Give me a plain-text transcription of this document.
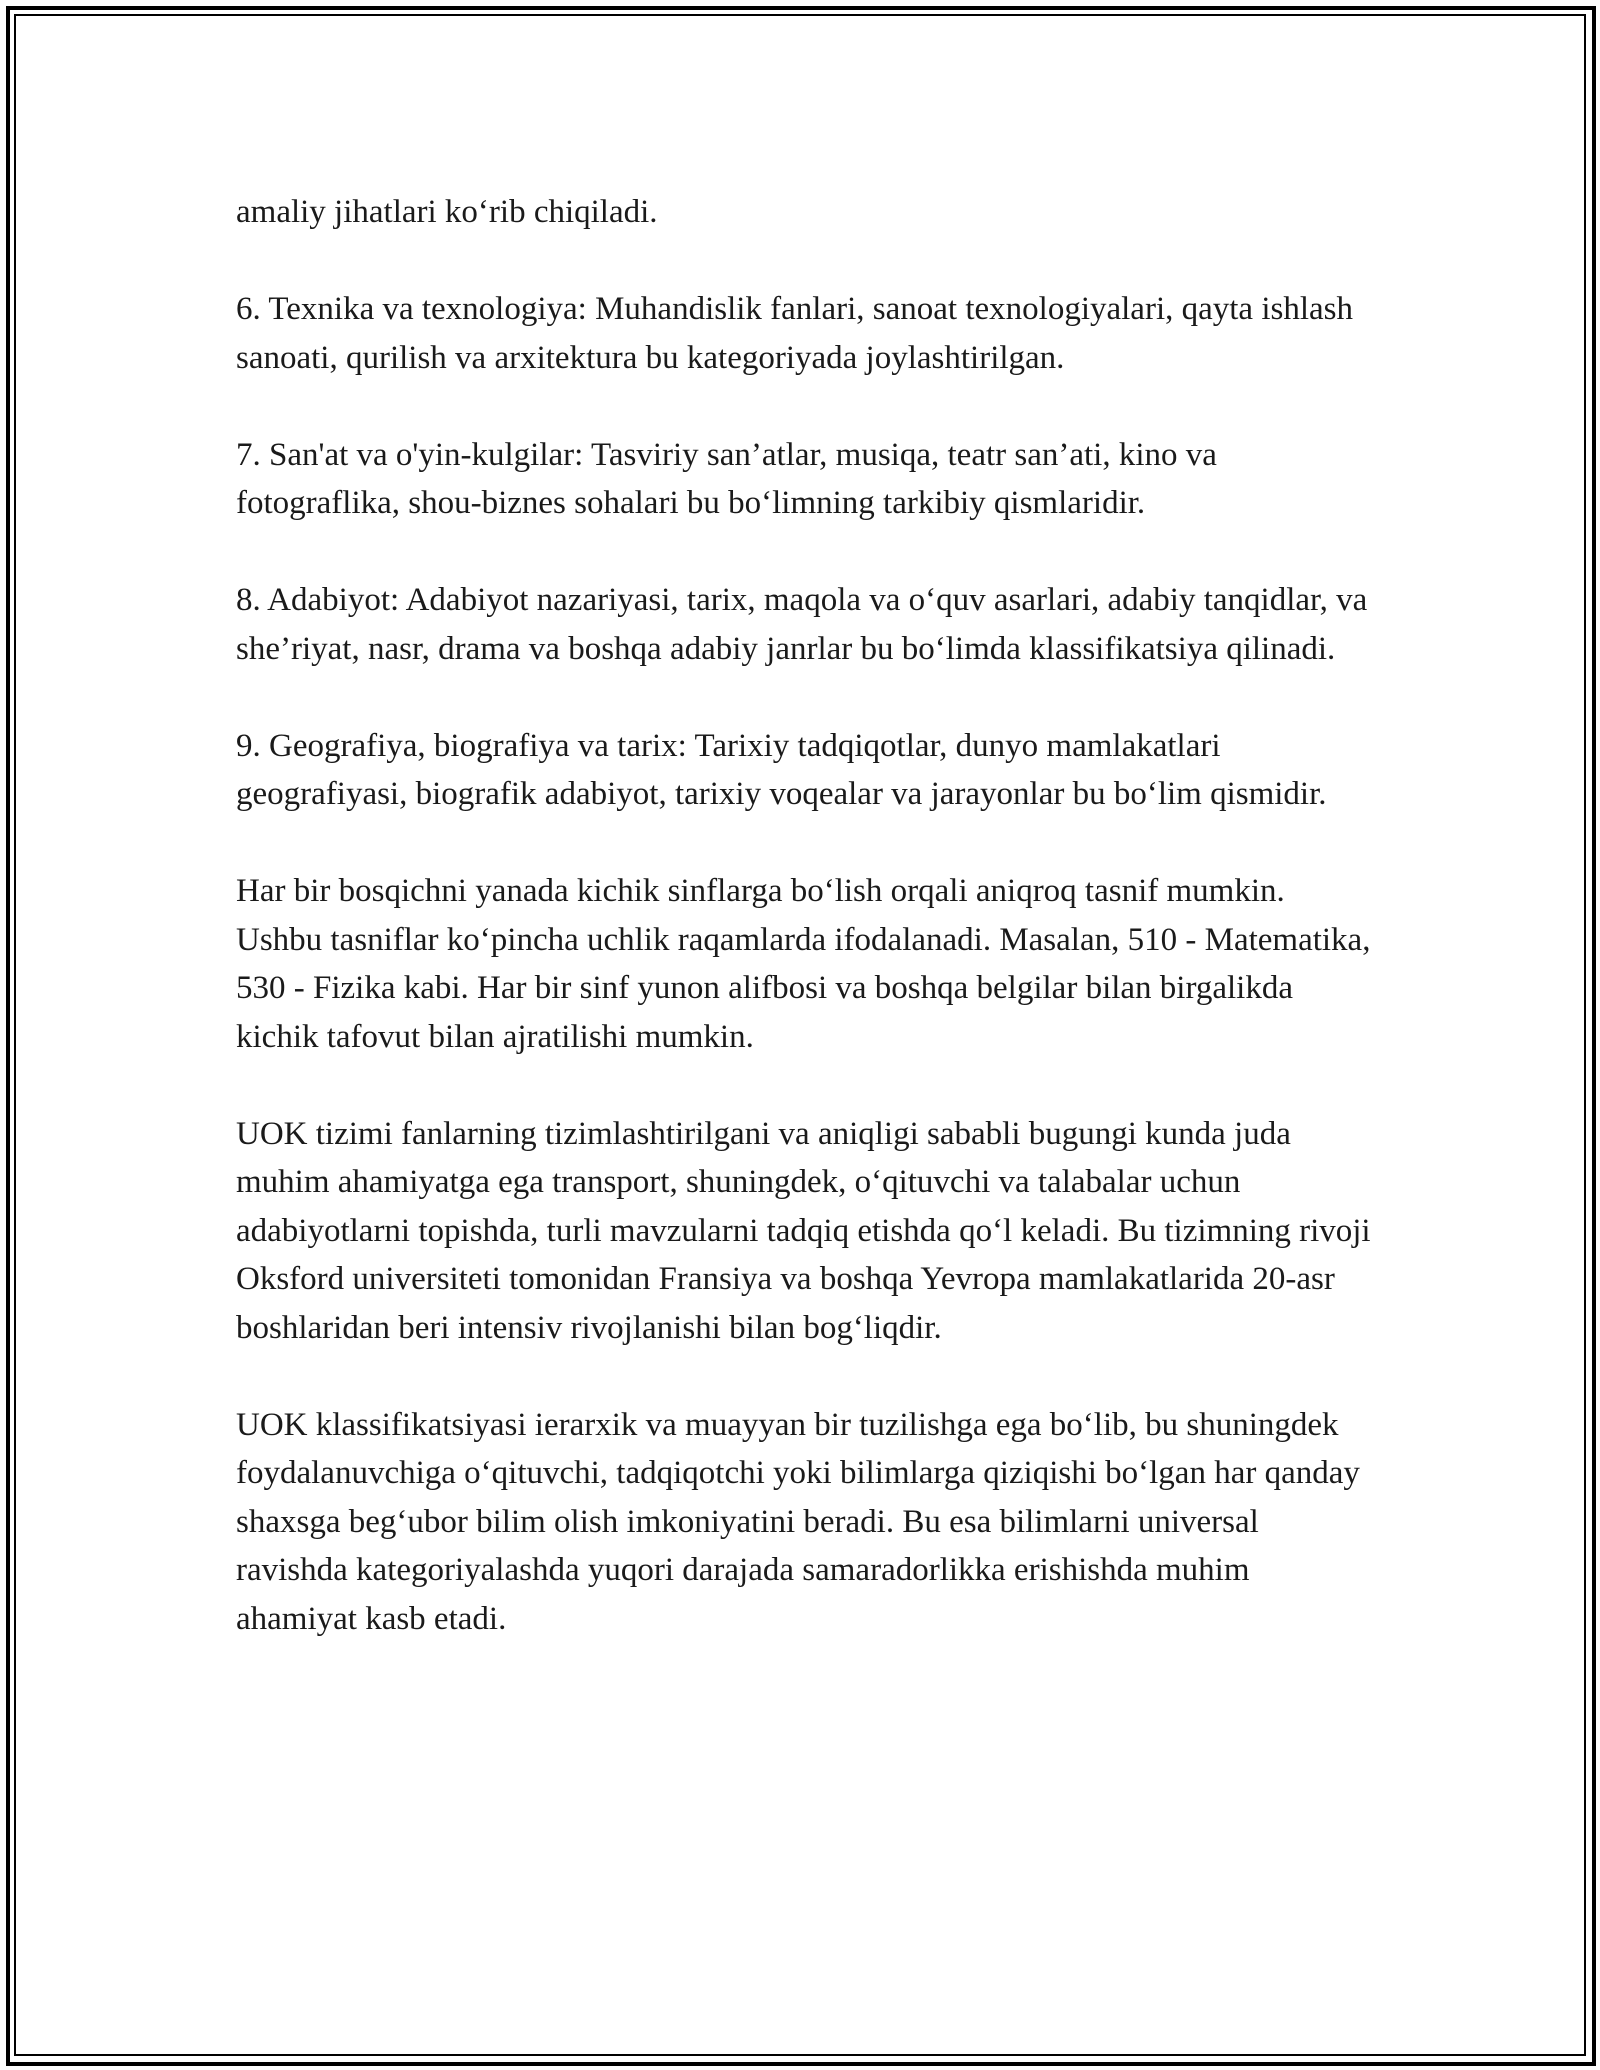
amaliy jihatlari ko‘rib chiqiladi.

6. Texnika va texnologiya: Muhandislik fanlari, sanoat texnologiyalari, qayta ishlash sanoati, qurilish va arxitektura bu kategoriyada joylashtirilgan.

7. San'at va o'yin-kulgilar: Tasviriy san’atlar, musiqa, teatr san’ati, kino va fotograflika, shou-biznes sohalari bu bo‘limning tarkibiy qismlaridir.

8. Adabiyot: Adabiyot nazariyasi, tarix, maqola va o‘quv asarlari, adabiy tanqidlar, va she’riyat, nasr, drama va boshqa adabiy janrlar bu bo‘limda klassifikatsiya qilinadi.

9. Geografiya, biografiya va tarix: Tarixiy tadqiqotlar, dunyo mamlakatlari geografiyasi, biografik adabiyot, tarixiy voqealar va jarayonlar bu bo‘lim qismidir.

Har bir bosqichni yanada kichik sinflarga bo‘lish orqali aniqroq tasnif mumkin. Ushbu tasniflar ko‘pincha uchlik raqamlarda ifodalanadi. Masalan, 510 - Matematika, 530 - Fizika kabi. Har bir sinf yunon alifbosi va boshqa belgilar bilan birgalikda kichik tafovut bilan ajratilishi mumkin.

UOK tizimi fanlarning tizimlashtirilgani va aniqligi sababli bugungi kunda juda muhim ahamiyatga ega transport, shuningdek, o‘qituvchi va talabalar uchun adabiyotlarni topishda, turli mavzularni tadqiq etishda qo‘l keladi. Bu tizimning rivoji Oksford universiteti tomonidan Fransiya va boshqa Yevropa mamlakatlarida 20-asr boshlaridan beri intensiv rivojlanishi bilan bog‘liqdir.

UOK klassifikatsiyasi ierarxik va muayyan bir tuzilishga ega bo‘lib, bu shuningdek foydalanuvchiga o‘qituvchi, tadqiqotchi yoki bilimlarga qiziqishi bo‘lgan har qanday shaxsga beg‘ubor bilim olish imkoniyatini beradi. Bu esa bilimlarni universal ravishda kategoriyalashda yuqori darajada samaradorlikka erishishda muhim ahamiyat kasb etadi.
